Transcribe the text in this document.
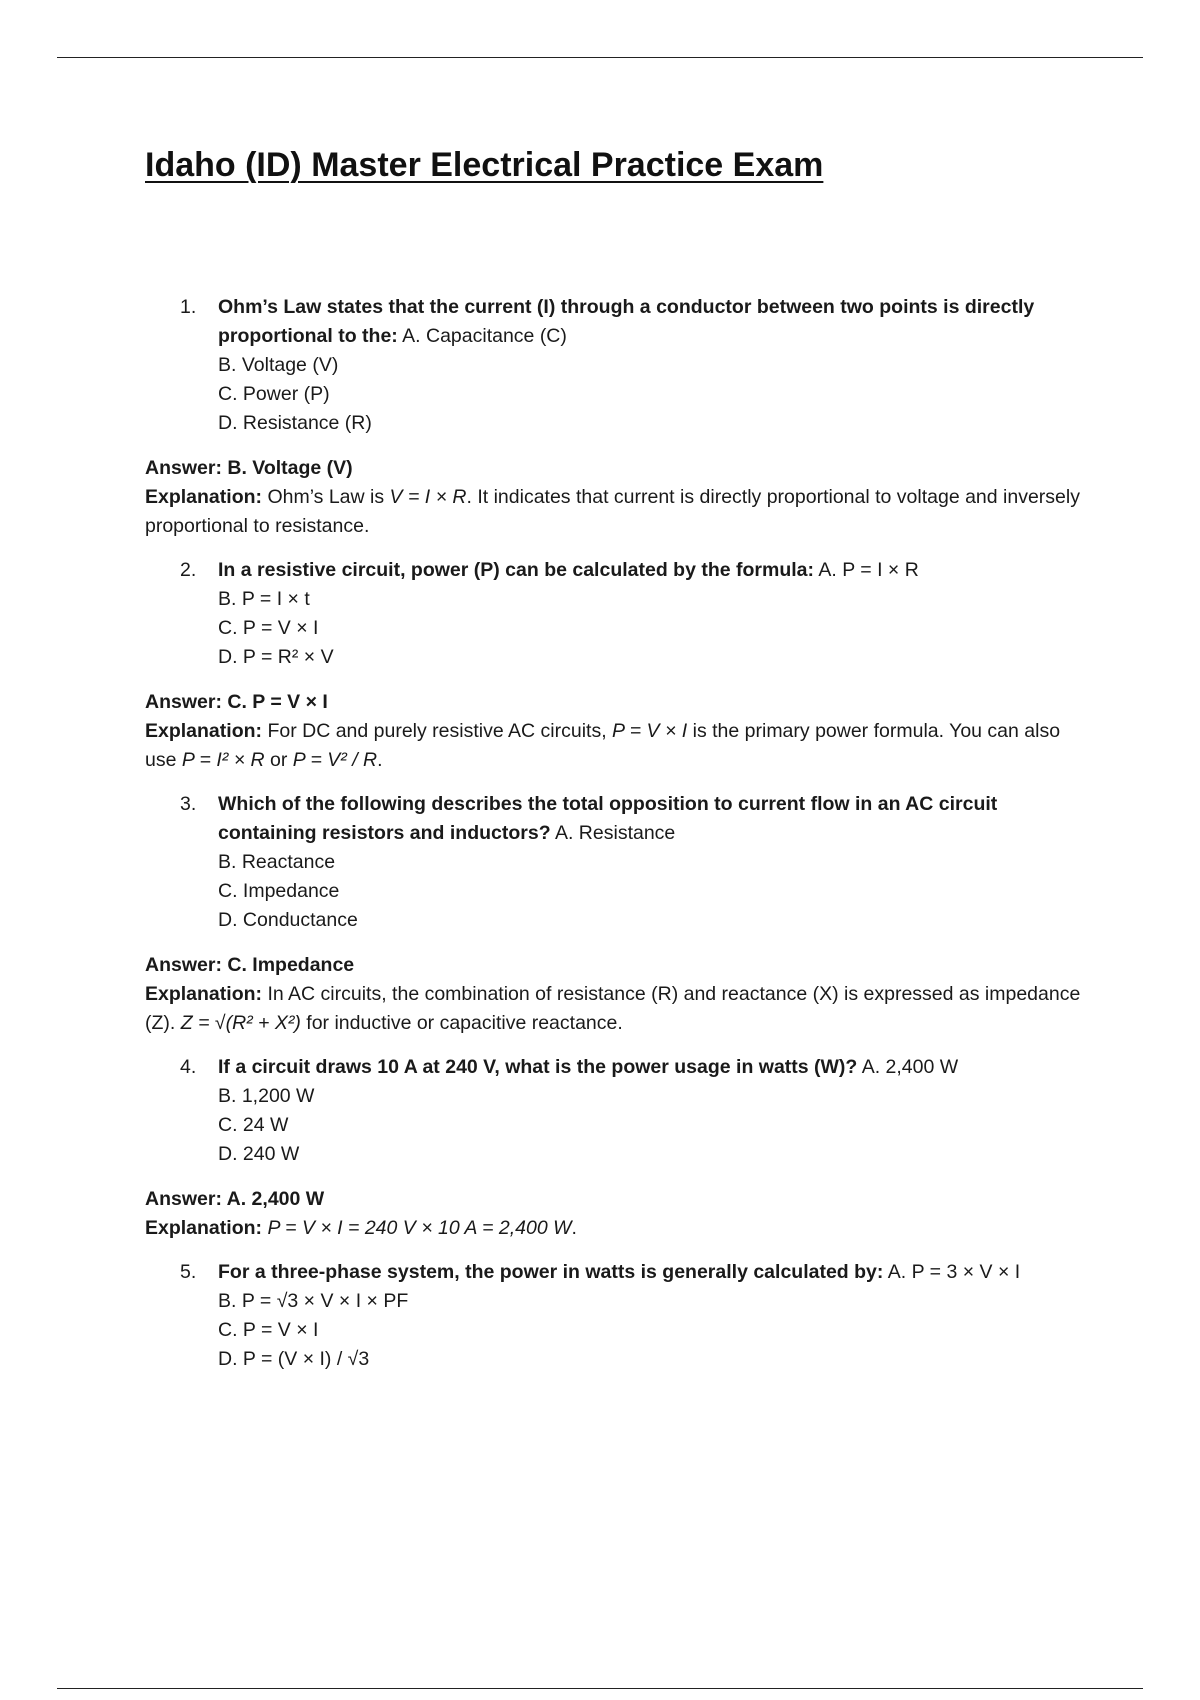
Idaho (ID) Master Electrical Practice Exam
1. Ohm’s Law states that the current (I) through a conductor between two points is directly proportional to the: A. Capacitance (C)
B. Voltage (V)
C. Power (P)
D. Resistance (R)
Answer: B. Voltage (V)
Explanation: Ohm’s Law is V = I × R. It indicates that current is directly proportional to voltage and inversely proportional to resistance.
2. In a resistive circuit, power (P) can be calculated by the formula: A. P = I × R
B. P = I × t
C. P = V × I
D. P = R² × V
Answer: C. P = V × I
Explanation: For DC and purely resistive AC circuits, P = V × I is the primary power formula. You can also use P = I² × R or P = V² / R.
3. Which of the following describes the total opposition to current flow in an AC circuit containing resistors and inductors? A. Resistance
B. Reactance
C. Impedance
D. Conductance
Answer: C. Impedance
Explanation: In AC circuits, the combination of resistance (R) and reactance (X) is expressed as impedance (Z). Z = √(R² + X²) for inductive or capacitive reactance.
4. If a circuit draws 10 A at 240 V, what is the power usage in watts (W)? A. 2,400 W
B. 1,200 W
C. 24 W
D. 240 W
Answer: A. 2,400 W
Explanation: P = V × I = 240 V × 10 A = 2,400 W.
5. For a three-phase system, the power in watts is generally calculated by: A. P = 3 × V × I
B. P = √3 × V × I × PF
C. P = V × I
D. P = (V × I) / √3
